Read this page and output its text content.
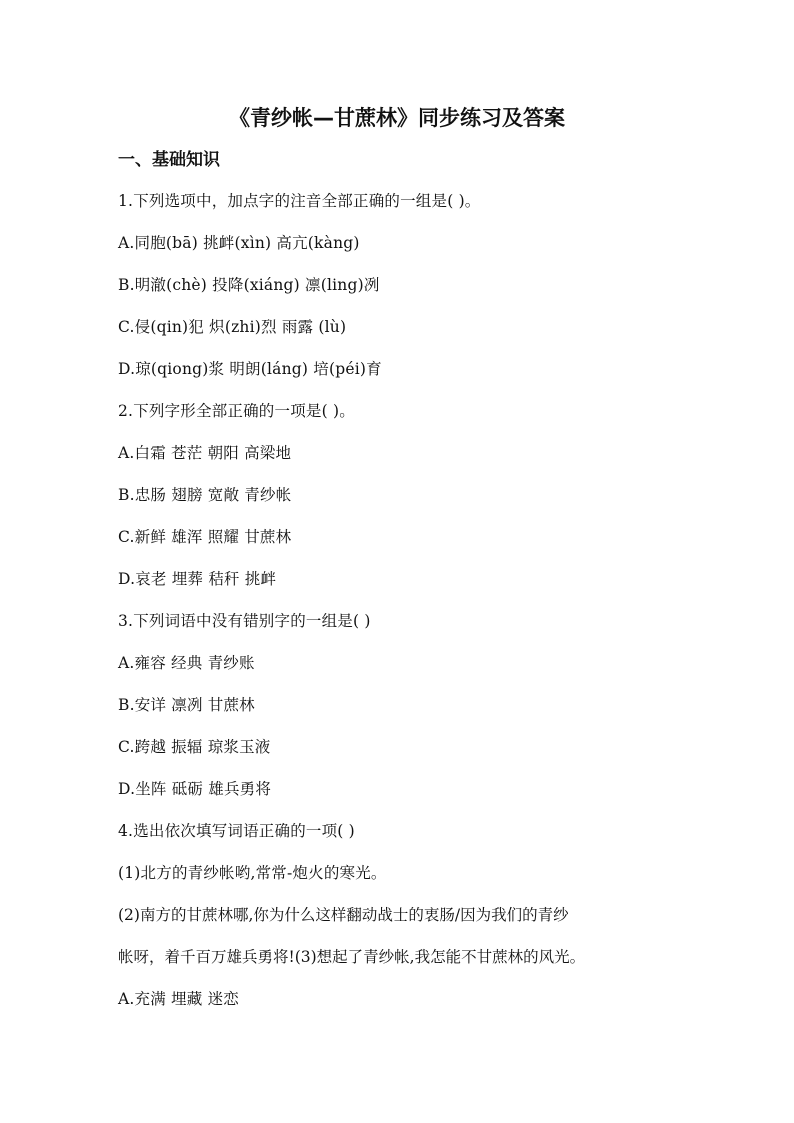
《青纱帐—甘蔗林》同步练习及答案
一、基础知识
1.下列选项中，加点字的注音全部正确的一组是( )。
A.同胞(bā) 挑衅(xìn) 高亢(kàng)
B.明澈(chè) 投降(xiáng) 凛(ling)冽
C.侵(qin)犯 炽(zhi)烈 雨露 (lù)
D.琼(qiong)浆 明朗(láng) 培(péi)育
2.下列字形全部正确的一项是( )。
A.白霜 苍茫 朝阳 高梁地
B.忠肠 翅膀 宽敞 青纱帐
C.新鲜 雄浑 照耀 甘蔗林
D.哀老 埋葬 秸秆 挑衅
3.下列词语中没有错别字的一组是( )
A.雍容 经典 青纱账
B.安详 凛冽 甘蔗林
C.跨越 振辐 琼浆玉液
D.坐阵 砥砺 雄兵勇将
4.选出依次填写词语正确的一项( )
(1)北方的青纱帐哟,常常-炮火的寒光。
(2)南方的甘蔗林哪,你为什么这样翻动战士的衷肠/因为我们的青纱
帐呀，着千百万雄兵勇将!(3)想起了青纱帐,我怎能不甘蔗林的风光。
A.充满 埋藏 迷恋
